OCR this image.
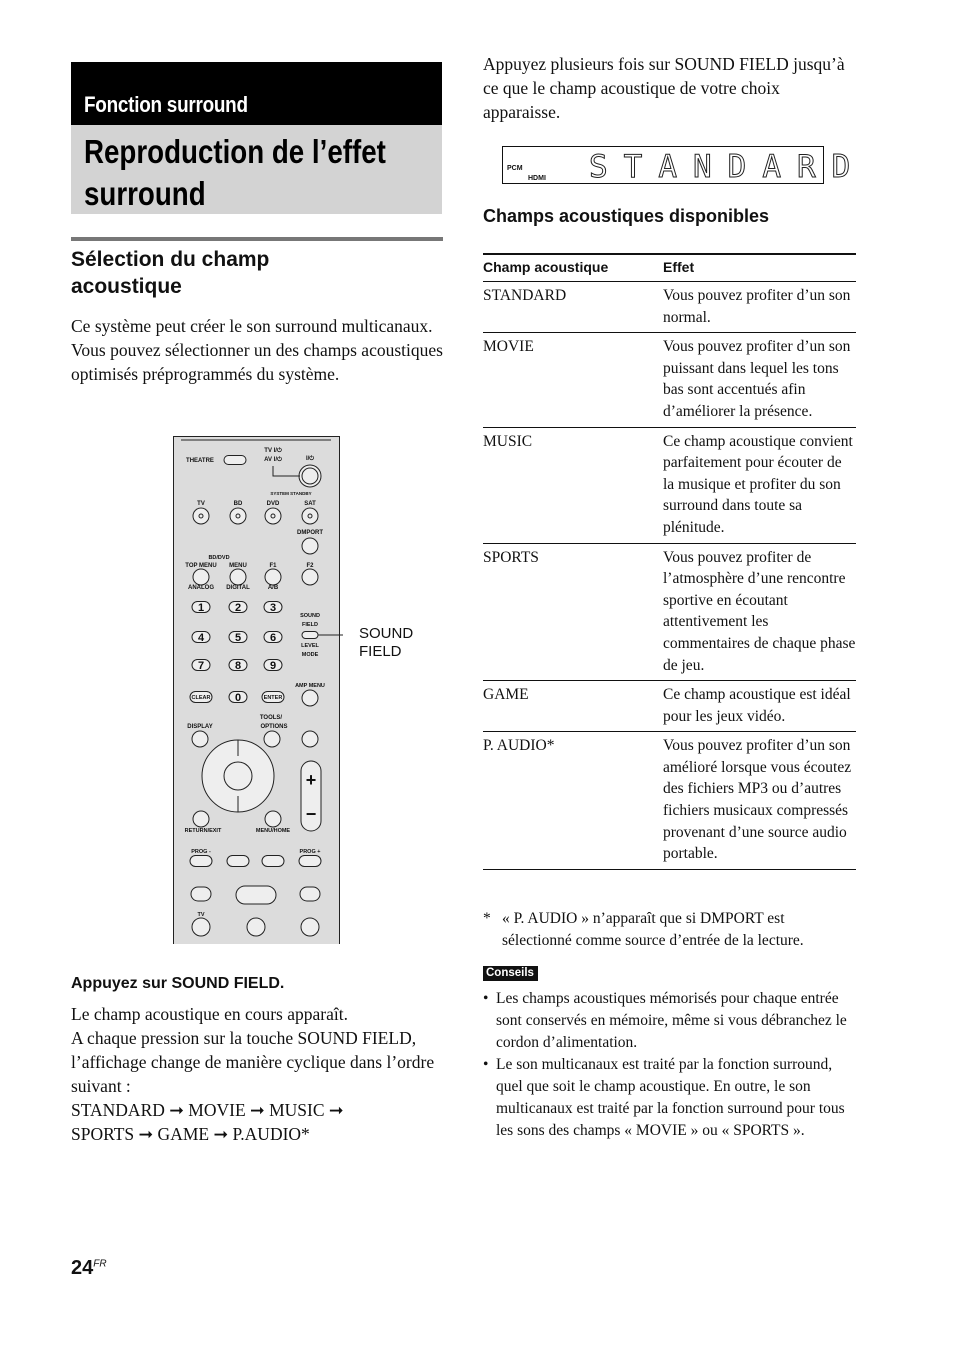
Fonction surround
Reproduction de l’effet surround
Sélection du champ acoustique
Ce système peut créer le son surround multicanaux. Vous pouvez sélectionner un des champs acoustiques optimisés préprogrammés du système.
THEATRE
TV I/⏻
AV I/⏻	I/⏻
SYSTEM STANDBY
TV	BD	DVD	SAT
DMPORT
BD/DVD
TOP MENU MENU	F1	F2
ANALOG DIGITAL	A/B
1	2	3
4	5	6
7	8	9
0
CLEAR	ENTER
SOUND
FIELD
LEVEL
MODE
AMP MENU
DISPLAY
TOOLS/
OPTIONS
+
−
RETURN/EXIT	MENU/HOME
PROG -	PROG +
TV
SOUND
FIELD
Appuyez sur SOUND FIELD.
Le champ acoustique en cours apparaît.
A chaque pression sur la touche SOUND FIELD, l’affichage change de manière cyclique dans l’ordre suivant :
STANDARD ➞ MOVIE ➞ MUSIC ➞
SPORTS ➞ GAME ➞ P.AUDIO*
Appuyez plusieurs fois sur SOUND FIELD jusqu’à ce que le champ acoustique de votre choix apparaisse.
PCM
HDMI STANDARD
Champs acoustiques disponibles
Champ acoustique	Effet
STANDARD	Vous pouvez profiter d’un son normal.
MOVIE	Vous pouvez profiter d’un son puissant dans lequel les tons bas sont accentués afin d’améliorer la présence.
MUSIC	Ce champ acoustique convient parfaitement pour écouter de la musique et profiter du son surround dans toute sa plénitude.
SPORTS	Vous pouvez profiter de l’atmosphère d’une rencontre sportive en écoutant attentivement les commentaires de chaque phase de jeu.
GAME	Ce champ acoustique est idéal pour les jeux vidéo.
P. AUDIO*	Vous pouvez profiter d’un son amélioré lorsque vous écoutez des fichiers MP3 ou d’autres fichiers musicaux compressés provenant d’une source audio portable.
* « P. AUDIO » n’apparaît que si DMPORT est sélectionné comme source d’entrée de la lecture.
Conseils
• Les champs acoustiques mémorisés pour chaque entrée sont conservés en mémoire, même si vous débranchez le cordon d’alimentation.
• Le son multicanaux est traité par la fonction surround, quel que soit le champ acoustique. En outre, le son multicanaux est traité par la fonction surround pour tous les sons des champs « MOVIE » ou « SPORTS ».
$24^{FR}$
